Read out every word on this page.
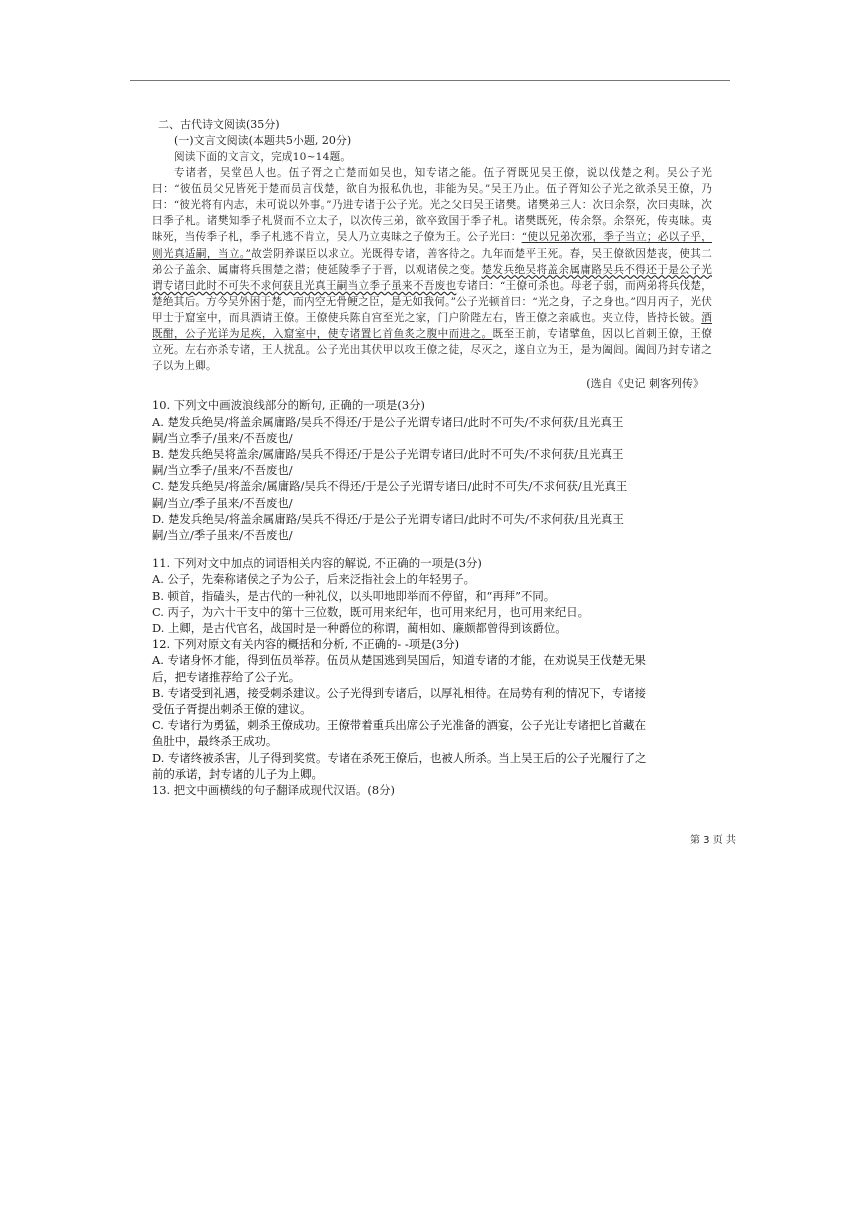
二、古代诗文阅读(35分)

(一)文言文阅读(本题共5小题, 20分)

阅读下面的文言文，完成10~14题。

专诸者，吴堂邑人也。伍子胥之亡楚而如吴也，知专诸之能。伍子胥既见吴王僚，说以伐楚之利。吴公子光曰：“彼伍员父兄皆死于楚而员言伐楚，欲自为报私仇也，非能为吴。”吴王乃止。伍子胥知公子光之欲杀吴王僚，乃曰：“彼光将有内志，未可说以外事。”乃进专诸于公子光。光之父曰吴王诸樊。诸樊弟三人：次曰余祭，次曰夷昧，次曰季子札。诸樊知季子札贤而不立太子，以次传三弟，欲卒致国于季子札。诸樊既死，传余祭。余祭死，传夷昧。夷昧死，当传季子札，季子札逃不肯立，吴人乃立夷昧之子僚为王。公子光曰：“使以兄弟次邪，季子当立；必以子乎，则光真适嗣，当立。”故尝阴养谋臣以求立。光既得专诸，善客待之。九年而楚平王死。春，吴王僚欲因楚丧，使其二弟公子盖余、属庸将兵围楚之潜；使延陵季子于晋，以观诸侯之变。楚发兵绝吴将盖余属庸路吴兵不得还于是公子光谓专诸曰此时不可失不求何获且光真王嗣当立季子虽来不吾废也专诸曰：“王僚可杀也。母老子弱，而两弟将兵伐楚，楚绝其后。方今吴外困于楚，而内空无骨鲠之臣，是无如我何。”公子光顿首曰：“光之身，子之身也。”四月丙子，光伏甲士于窟室中，而具酒请王僚。王僚使兵陈自宫至光之家，门户阶陛左右，皆王僚之亲戚也。夹立侍，皆持长铍。酒既酣，公子光详为足疾，入窟室中，使专诸置匕首鱼炙之腹中而进之。既至王前，专诸擘鱼，因以匕首刺王僚，王僚立死。左右亦杀专诸，王人扰乱。公子光出其伏甲以攻王僚之徒，尽灭之，遂自立为王，是为阖闾。阖闾乃封专诸之子以为上卿。

(选自《史记 刺客列传》

10. 下列文中画波浪线部分的断句, 正确的一项是(3分)

A. 楚发兵绝吴/将盖余属庸路/吴兵不得还/于是公子光谓专诸曰/此时不可失/不求何获/且光真王

嗣/当立季子/虽来/不吾废也/

B. 楚发兵绝吴将盖余/属庸路/吴兵不得还/于是公子光谓专诸曰/此时不可失/不求何获/且光真王

嗣/当立季子/虽来/不吾废也/

C. 楚发兵绝吴/将盖余/属庸路/吴兵不得还/于是公子光谓专诸曰/此时不可失/不求何获/且光真王

嗣/当立/季子虽来/不吾废也/

D. 楚发兵绝吴/将盖余属庸路/吴兵不得还/于是公子光谓专诸曰/此时不可失/不求何获/且光真王

嗣/当立/季子虽来/不吾废也/

11. 下列对文中加点的词语相关内容的解说, 不正确的一项是(3分)

A. 公子，先秦称诸侯之子为公子，后来泛指社会上的年轻男子。

B. 顿首，指磕头，是古代的一种礼仪，以头叩地即举而不停留，和“再拜”不同。

C. 丙子，为六十干支中的第十三位数，既可用来纪年，也可用来纪月，也可用来纪日。

D. 上卿，是古代官名，战国时是一种爵位的称谓，蔺相如、廉颇都曾得到该爵位。

12. 下列对原文有关内容的概括和分析, 不正确的- -项是(3分)

A. 专诸身怀才能，得到伍员举荐。伍员从楚国逃到吴国后，知道专诸的才能，在劝说吴王伐楚无果

后，把专诸推荐给了公子光。

B. 专诸受到礼遇，接受刺杀建议。公子光得到专诸后，以厚礼相待。在局势有利的情况下，专诸接

受伍子胥提出刺杀王僚的建议。

C. 专诸行为勇猛，刺杀王僚成功。王僚带着重兵出席公子光准备的酒宴，公子光让专诸把匕首藏在

鱼肚中，最终杀王成功。

D. 专诸终被杀害，儿子得到奖赏。专诸在杀死王僚后，也被人所杀。当上吴王后的公子光履行了之

前的承诺，封专诸的儿子为上卿。

13. 把文中画横线的句子翻译成现代汉语。(8分)

第 3 页 共
